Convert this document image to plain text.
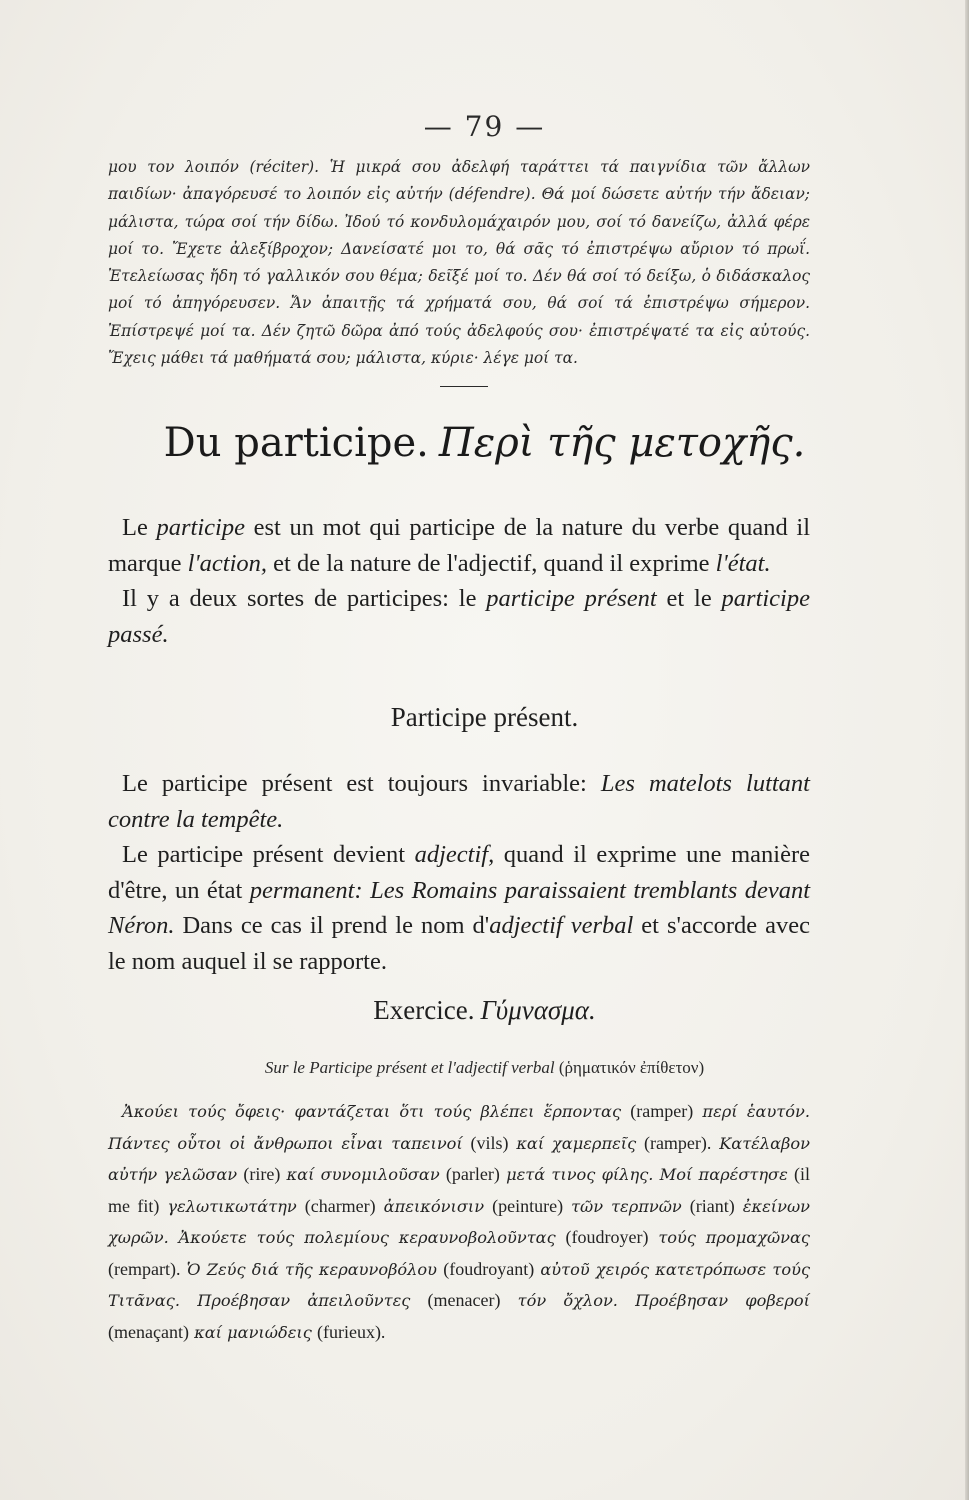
— 79 —

μου τον λοιπόν (réciter). Ἡ μικρά σου ἀδελφή ταράττει τά παιγνίδια τῶν ἄλλων παιδίων· ἀπαγόρευσέ το λοιπόν εἰς αὐτήν (défendre). Θά μοί δώσετε αὐτήν τήν ἄδειαν; μάλιστα, τώρα σοί τήν δίδω. Ἰδού τό κονδυλομάχαιρόν μου, σοί τό δανείζω, ἀλλά φέρε μοί το. Ἔχετε ἀλεξίβροχον; Δανείσατέ μοι το, θά σᾶς τό ἐπιστρέψω αὔριον τό πρωΐ. Ἐτελείωσας ἤδη τό γαλλικόν σου θέμα; δεῖξέ μοί το. Δέν θά σοί τό δείξω, ὁ διδάσκαλος μοί τό ἀπηγόρευσεν. Ἄν ἀπαιτῇς τά χρήματά σου, θά σοί τά ἐπιστρέψω σήμερον. Ἐπίστρεψέ μοί τα. Δέν ζητῶ δῶρα ἀπό τούς ἀδελφούς σου· ἐπιστρέψατέ τα εἰς αὐτούς. Ἔχεις μάθει τά μαθήματά σου; μάλιστα, κύριε· λέγε μοί τα.

Du participe. Περὶ τῆς μετοχῆς.

Le participe est un mot qui participe de la nature du verbe quand il marque l'action, et de la nature de l'adjectif, quand il exprime l'état.

Il y a deux sortes de participes: le participe présent et le participe passé.

Participe présent.

Le participe présent est toujours invariable: Les matelots luttant contre la tempête.

Le participe présent devient adjectif, quand il exprime une manière d'être, un état permanent: Les Romains paraissaient tremblants devant Néron. Dans ce cas il prend le nom d'adjectif verbal et s'accorde avec le nom auquel il se rapporte.

Exercice. Γύμνασμα.
Sur le Participe présent et l'adjectif verbal (ῥηματικόν ἐπίθετον)

Ἀκούει τούς ὄφεις· φαντάζεται ὅτι τούς βλέπει ἕρποντας (ramper) περί ἑαυτόν. Πάντες οὗτοι οἱ ἄνθρωποι εἶναι ταπεινοί (vils) καί χαμερπεῖς (ramper). Κατέλαβον αὐτήν γελῶσαν (rire) καί συνομιλοῦσαν (parler) μετά τινος φίλης. Μοί παρέστησε (il me fit) γελωτικωτάτην (charmer) ἀπεικόνισιν (peinture) τῶν τερπνῶν (riant) ἐκείνων χωρῶν. Ἀκούετε τούς πολεμίους κεραυνοβολοῦντας (foudroyer) τούς προμαχῶνας (rempart). Ὁ Ζεύς διά τῆς κεραυνοβόλου (foudroyant) αὐτοῦ χειρός κατετρόπωσε τούς Τιτᾶνας. Προέβησαν ἀπειλοῦντες (menacer) τόν ὄχλον. Προέβησαν φοβεροί (menaçant) καί μανιώδεις (furieux).
